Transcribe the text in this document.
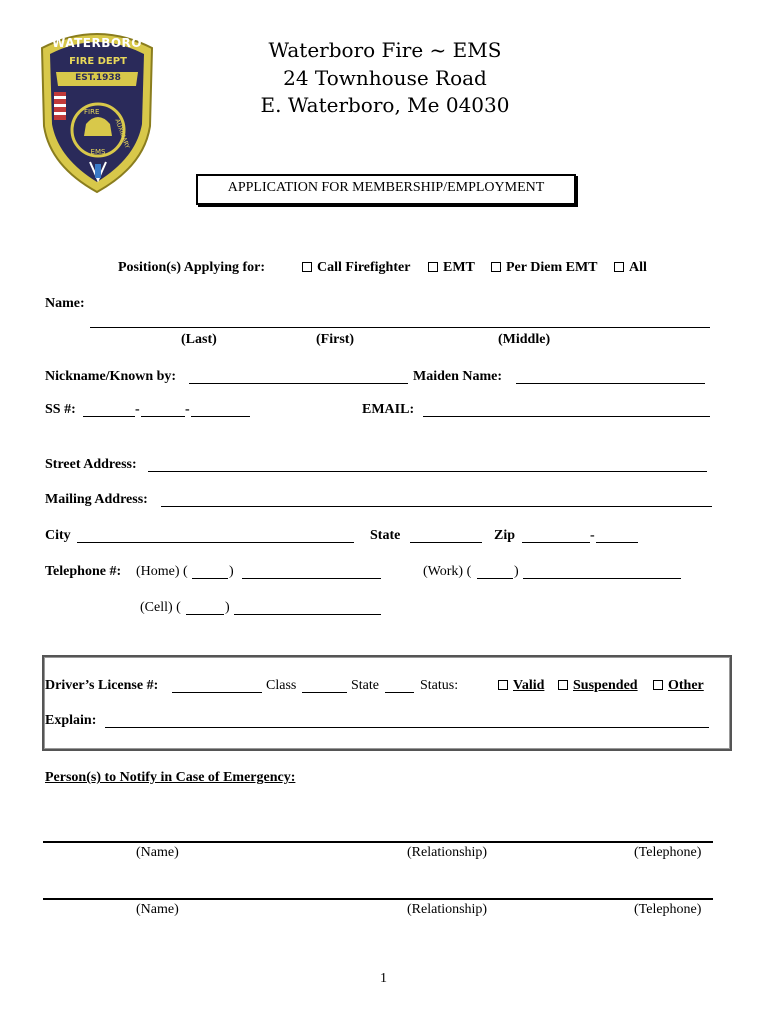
WATERBORO
FIRE DEPT
EST.1938
FIRE
AUXILIARY
EMS
Waterboro Fire ~ EMS
24 Townhouse Road
E. Waterboro, Me 04030
APPLICATION FOR MEMBERSHIP/EMPLOYMENT
Position(s) Applying for:	Call Firefighter	EMT	Per Diem EMT	All
Name:
(Last)	(First)	(Middle)
Nickname/Known by:	Maiden Name:
SS #:	-	-	EMAIL:
Street Address:
Mailing Address:
City	State	Zip	-
Telephone #: (Home) (	)	(Work) (	)
(Cell) (	)
Driver’s License #:	Class	State	Status:	Valid	Suspended	Other
Explain:
Person(s) to Notify in Case of Emergency:
(Name)	(Relationship)	(Telephone)
(Name)	(Relationship)	(Telephone)
1
